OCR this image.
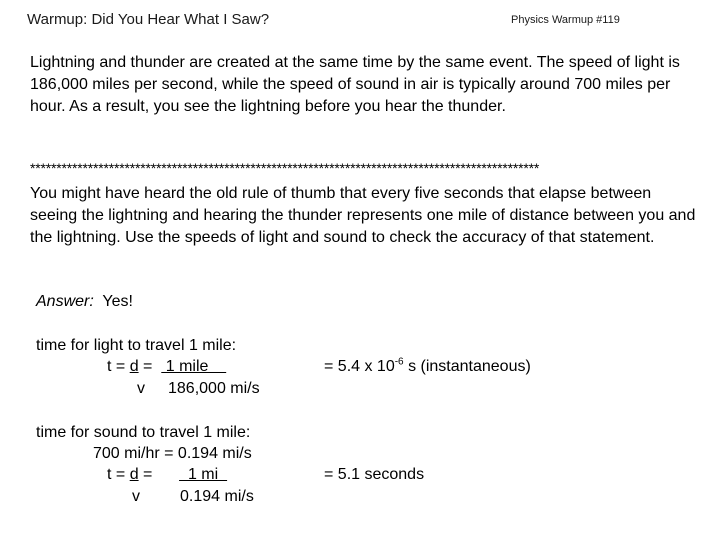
Warmup: Did You Hear What I Saw?	Physics Warmup #119
Lightning and thunder are created at the same time by the same event. The speed of light is 186,000 miles per second, while the speed of sound in air is typically around 700 miles per hour. As a result, you see the lightning before you hear the thunder.
*************************************************************************************************
You might have heard the old rule of thumb that every five seconds that elapse between seeing the lightning and hearing the thunder represents one mile of distance between you and the lightning. Use the speeds of light and sound to check the accuracy of that statement.
Answer: Yes!
time for light to travel 1 mile:
t = d =   1 mile
v 186,000 mi/s
= 5.4 x $10^{-6}$ s (instantaneous)
time for sound to travel 1 mile:
700 mi/hr = 0.194 mi/s
t = d =        1 mi
v	0.194 mi/s
= 5.1 seconds
